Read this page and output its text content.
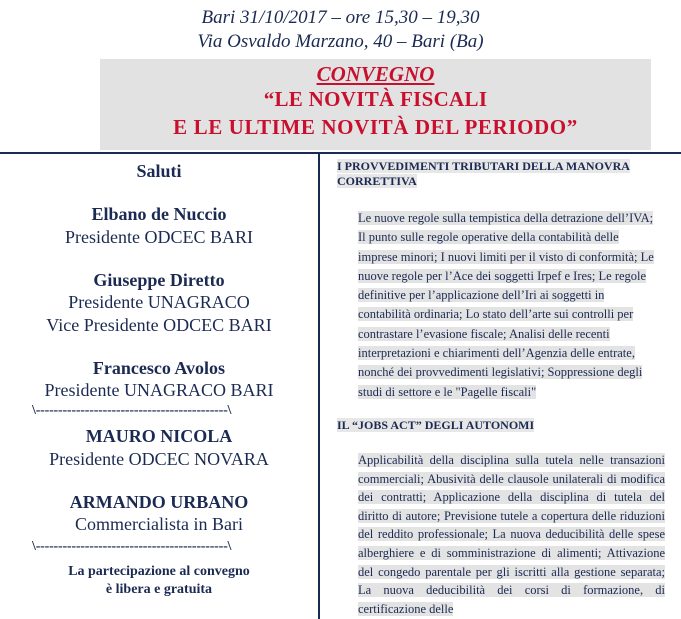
Bari 31/10/2017 – ore 15,30 – 19,30
Via Osvaldo Marzano, 40 – Bari (Ba)
CONVEGNO
“LE NOVITÀ FISCALI
E LE ULTIME NOVITÀ DEL PERIODO”
Saluti
Elbano de Nuccio
Presidente ODCEC BARI
Giuseppe Diretto
Presidente UNAGRACO
Vice Presidente ODCEC BARI
Francesco Avolos
Presidente UNAGRACO BARI
\-------------------------------------------\
MAURO NICOLA
Presidente ODCEC NOVARA
ARMANDO URBANO
Commercialista in Bari
\-------------------------------------------\
La partecipazione al convegno
è libera e gratuita
I PROVVEDIMENTI TRIBUTARI DELLA MANOVRA CORRETTIVA
Le nuove regole sulla tempistica della detrazione dell’IVA;
Il punto sulle regole operative della contabilità delle
imprese minori; I nuovi limiti per il visto di conformità; Le
nuove regole per l’Ace dei soggetti Irpef e Ires; Le regole
definitive per l’applicazione dell’Iri ai soggetti in
contabilità ordinaria; Lo stato dell’arte sui controlli per
contrastare l’evasione fiscale; Analisi delle recenti
interpretazioni e chiarimenti dell’Agenzia delle entrate,
nonché dei provvedimenti legislativi; Soppressione degli
studi di settore e le "Pagelle fiscali"
IL “JOBS ACT” DEGLI AUTONOMI
Applicabilità della disciplina sulla tutela nelle transazioni commerciali; Abusività delle clausole unilaterali di modifica dei contratti; Applicazione della disciplina di tutela del diritto di autore; Previsione tutele a copertura delle riduzioni del reddito professionale; La nuova deducibilità delle spese alberghiere e di somministrazione di alimenti; Attivazione del congedo parentale per gli iscritti alla gestione separata; La nuova deducibilità dei corsi di formazione, di certificazione delle
